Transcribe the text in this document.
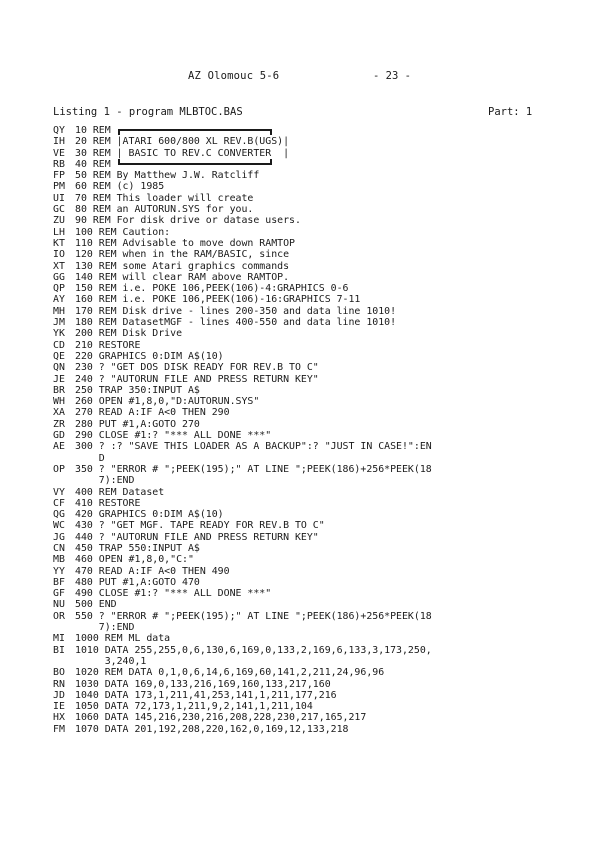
AZ Olomouc 5-6	- 23 -
Listing 1 - program MLBTOC.BAS	Part: 1
QY	10 REM
IH	20 REM |ATARI 600/800 XL REV.B(UGS)|
VE	30 REM | BASIC TO REV.C CONVERTER  |
RB	40 REM
FP	50 REM By Matthew J.W. Ratcliff
PM	60 REM (c) 1985
UI	70 REM This loader will create
GC	80 REM an AUTORUN.SYS for you.
ZU	90 REM For disk drive or datase users.
LH	100 REM Caution:
KT	110 REM Advisable to move down RAMTOP
IO	120 REM when in the RAM/BASIC, since
XT	130 REM some Atari graphics commands
GG	140 REM will clear RAM above RAMTOP.
QP	150 REM i.e. POKE 106,PEEK(106)-4:GRAPHICS 0-6
AY	160 REM i.e. POKE 106,PEEK(106)-16:GRAPHICS 7-11
MH	170 REM Disk drive - lines 200-350 and data line 1010!
JM	180 REM DatasetMGF - lines 400-550 and data line 1010!
YK	200 REM Disk Drive
CD	210 RESTORE
QE	220 GRAPHICS 0:DIM A$(10)
QN	230 ? "GET DOS DISK READY FOR REV.B TO C"
JE	240 ? "AUTORUN FILE AND PRESS RETURN KEY"
BR	250 TRAP 350:INPUT A$
WH	260 OPEN #1,8,0,"D:AUTORUN.SYS"
XA	270 READ A:IF A<0 THEN 290
ZR	280 PUT #1,A:GOTO 270
GD	290 CLOSE #1:? "*** ALL DONE ***"
AE	300 ? :? "SAVE THIS LOADER AS A BACKUP":? "JUST IN CASE!":EN
D
OP	350 ? "ERROR # ";PEEK(195);" AT LINE ";PEEK(186)+256*PEEK(18
7):END
VY	400 REM Dataset
CF	410 RESTORE
QG	420 GRAPHICS 0:DIM A$(10)
WC	430 ? "GET MGF. TAPE READY FOR REV.B TO C"
JG	440 ? "AUTORUN FILE AND PRESS RETURN KEY"
CN	450 TRAP 550:INPUT A$
MB	460 OPEN #1,8,0,"C:"
YY	470 READ A:IF A<0 THEN 490
BF	480 PUT #1,A:GOTO 470
GF	490 CLOSE #1:? "*** ALL DONE ***"
NU	500 END
OR	550 ? "ERROR # ";PEEK(195);" AT LINE ";PEEK(186)+256*PEEK(18
7):END
MI	1000 REM ML data
BI	1010 DATA 255,255,0,6,130,6,169,0,133,2,169,6,133,3,173,250,
3,240,1
BO	1020 REM DATA 0,1,0,6,14,6,169,60,141,2,211,24,96,96
RN	1030 DATA 169,0,133,216,169,160,133,217,160
JD	1040 DATA 173,1,211,41,253,141,1,211,177,216
IE	1050 DATA 72,173,1,211,9,2,141,1,211,104
HX	1060 DATA 145,216,230,216,208,228,230,217,165,217
FM	1070 DATA 201,192,208,220,162,0,169,12,133,218
